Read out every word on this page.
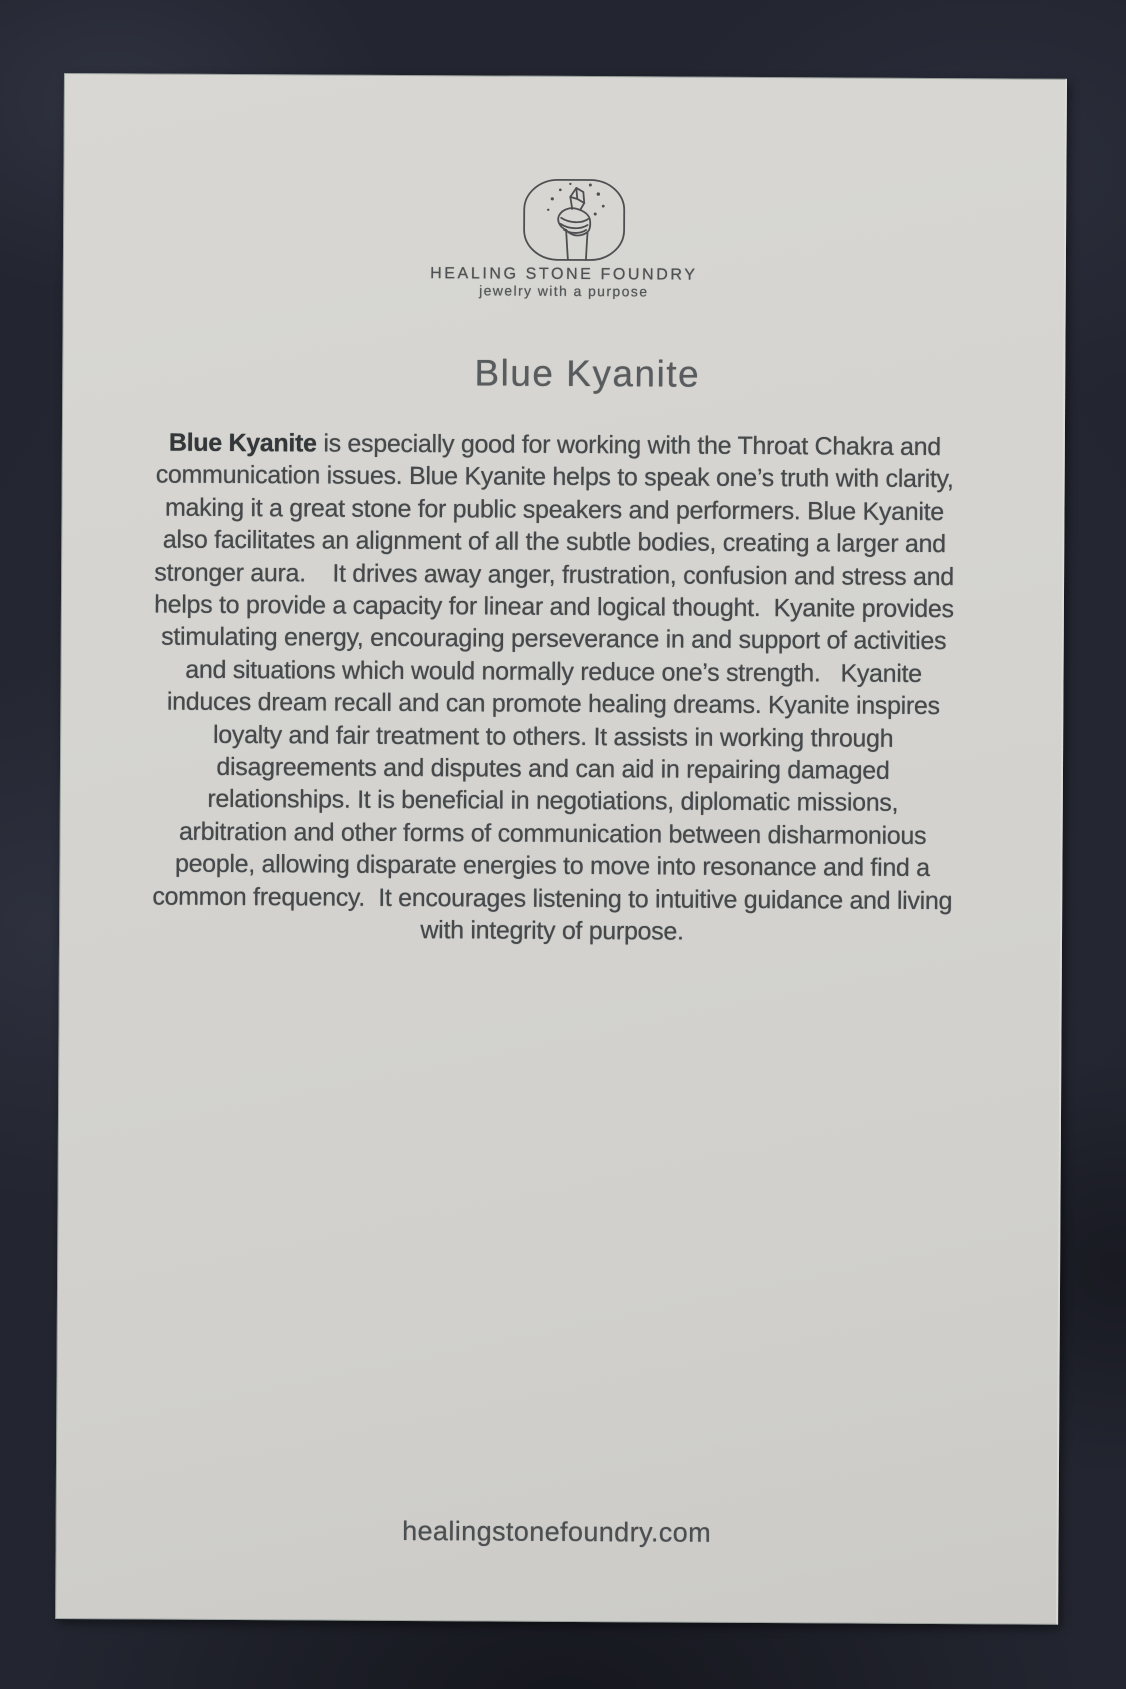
HEALING STONE FOUNDRY
jewelry with a purpose
Blue Kyanite

Blue Kyanite is especially good for working with the Throat Chakra and communication issues. Blue Kyanite helps to speak one’s truth with clarity, making it a great stone for public speakers and performers. Blue Kyanite also facilitates an alignment of all the subtle bodies, creating a larger and stronger aura.    It drives away anger, frustration, confusion and stress and helps to provide a capacity for linear and logical thought.  Kyanite provides stimulating energy, encouraging perseverance in and support of activities and situations which would normally reduce one’s strength.   Kyanite induces dream recall and can promote healing dreams. Kyanite inspires loyalty and fair treatment to others. It assists in working through disagreements and disputes and can aid in repairing damaged relationships. It is beneficial in negotiations, diplomatic missions, arbitration and other forms of communication between disharmonious people, allowing disparate energies to move into resonance and find a common frequency.  It encourages listening to intuitive guidance and living with integrity of purpose.

healingstonefoundry.com
